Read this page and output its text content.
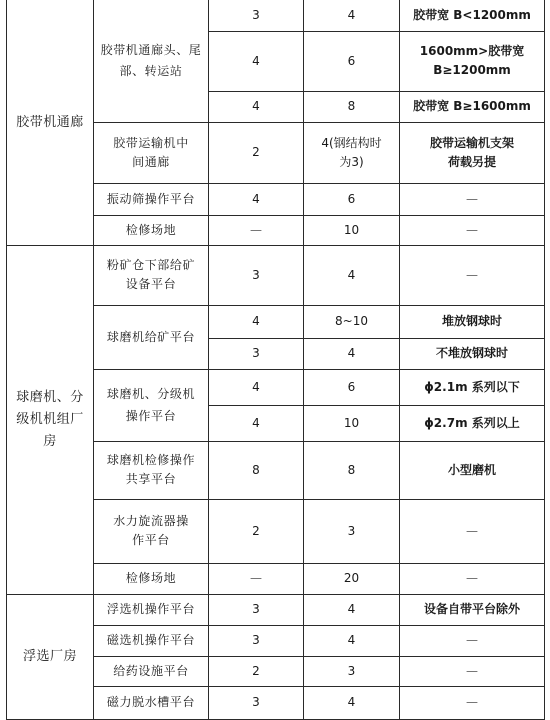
胶带机通廊	胶带机通廊头、尾部、转运站	3	4	胶带宽 B<1200mm
		4	6	1600mm>胶带宽 B≥1200mm
		4	8	胶带宽 B≥1600mm
	胶带运输机中间通廊	2	4(钢结构时为3)	胶带运输机支架荷载另提
	振动筛操作平台	4	6	—
	检修场地	—	10	—
球磨机、分级机机组厂房	粉矿仓下部给矿设备平台	3	4	—
	球磨机给矿平台	4	8~10	堆放钢球时
		3	4	不堆放钢球时
	球磨机、分级机操作平台	4	6	ϕ2.1m 系列以下
		4	10	ϕ2.7m 系列以上
	球磨机检修操作共享平台	8	8	小型磨机
	水力旋流器操作平台	2	3	—
	检修场地	—	20	—
浮选厂房	浮选机操作平台	3	4	设备自带平台除外
	磁选机操作平台	3	4	—
	给药设施平台	2	3	—
	磁力脱水槽平台	3	4	—
